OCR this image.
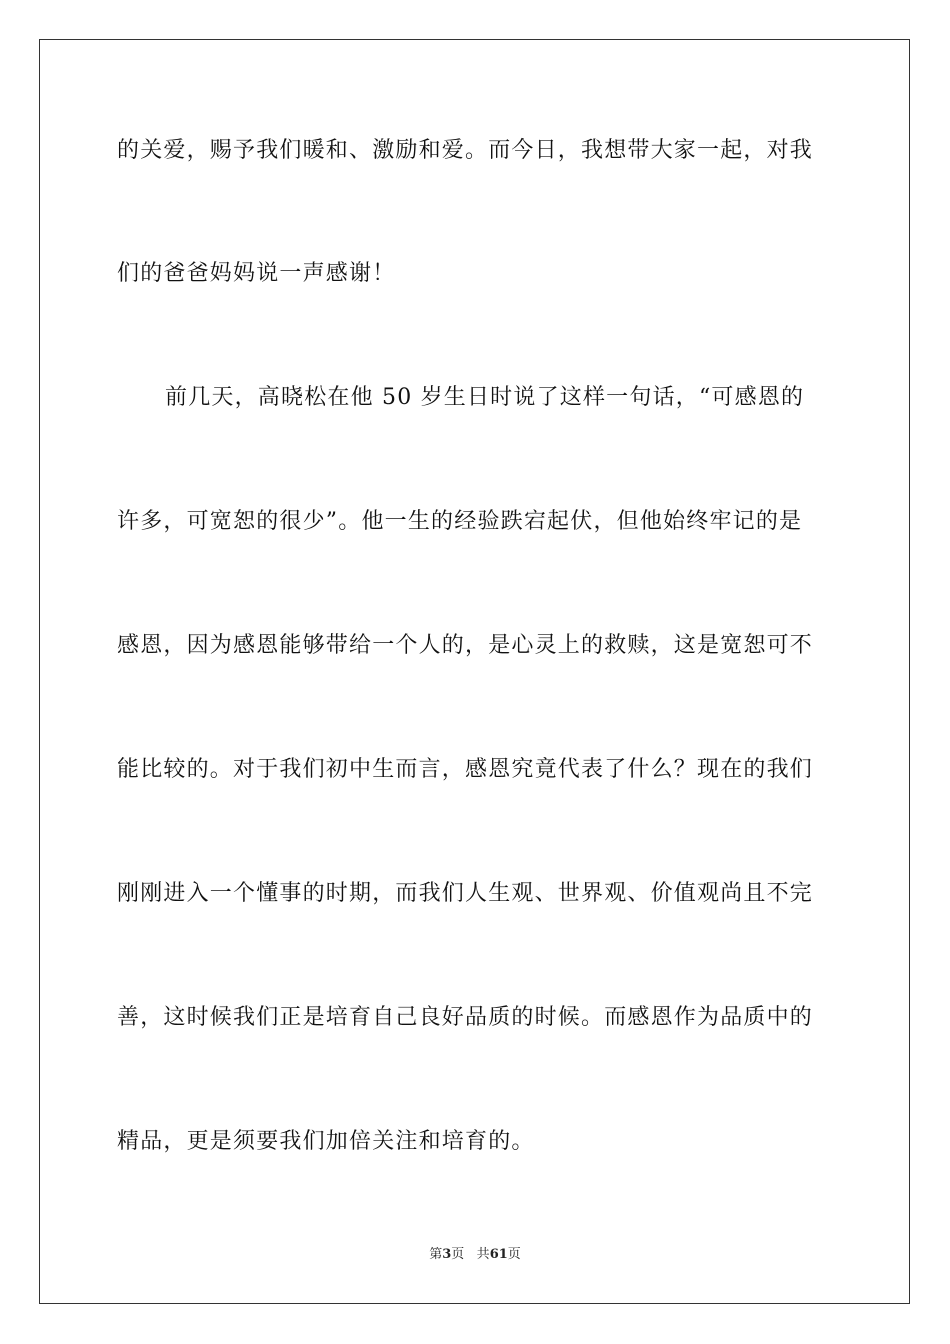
的关爱，赐予我们暖和、激励和爱。而今日，我想带大家一起，对我
们的爸爸妈妈说一声感谢！
前几天，高晓松在他 50 岁生日时说了这样一句话，“可感恩的
许多，可宽恕的很少”。他一生的经验跌宕起伏，但他始终牢记的是
感恩，因为感恩能够带给一个人的，是心灵上的救赎，这是宽恕可不
能比较的。对于我们初中生而言，感恩究竟代表了什么？现在的我们
刚刚进入一个懂事的时期，而我们人生观、世界观、价值观尚且不完
善，这时候我们正是培育自己良好品质的时候。而感恩作为品质中的
精品，更是须要我们加倍关注和培育的。
第3页 共61页
